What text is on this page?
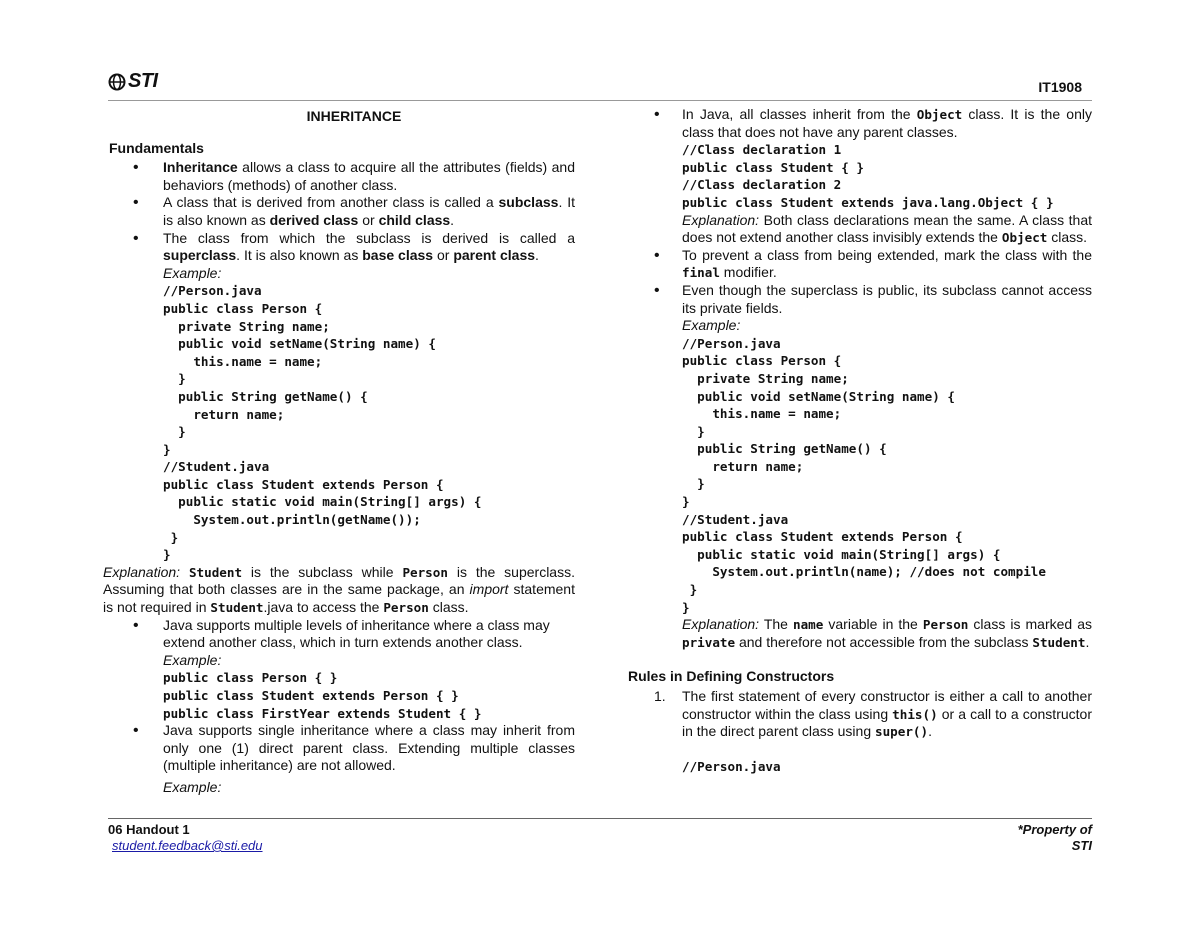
STI	IT1908
INHERITANCE
Fundamentals
• Inheritance allows a class to acquire all the attributes (fields) and behaviors (methods) of another class.
• A class that is derived from another class is called a subclass. It is also known as derived class or child class.
• The class from which the subclass is derived is called a superclass. It is also known as base class or parent class.
Example:
//Person.java
public class Person {
private String name;
public void setName(String name) {
this.name = name;
}
public String getName() {
return name;
}
}
//Student.java
public class Student extends Person {
public static void main(String[] args) {
System.out.println(getName());
}
}
Explanation: Student is the subclass while Person is the superclass. Assuming that both classes are in the same package, an import statement is not required in Student.java to access the Person class.
• Java supports multiple levels of inheritance where a class may extend another class, which in turn extends another class. Example:
public class Person { }
public class Student extends Person { }
public class FirstYear extends Student { }
• Java supports single inheritance where a class may inherit from only one (1) direct parent class. Extending multiple classes (multiple inheritance) are not allowed.
Example:
• In Java, all classes inherit from the Object class. It is the only class that does not have any parent classes.
//Class declaration 1
public class Student { }
//Class declaration 2
public class Student extends java.lang.Object { }
Explanation: Both class declarations mean the same. A class that does not extend another class invisibly extends the Object class.
• To prevent a class from being extended, mark the class with the final modifier.
• Even though the superclass is public, its subclass cannot access its private fields.
Example:
//Person.java
public class Person {
private String name;
public void setName(String name) {
this.name = name;
}
public String getName() {
return name;
}
}
//Student.java
public class Student extends Person {
public static void main(String[] args) {
System.out.println(name); //does not compile
}
}
Explanation: The name variable in the Person class is marked as private and therefore not accessible from the subclass Student.
Rules in Defining Constructors
1. The first statement of every constructor is either a call to another constructor within the class using this() or a call to a constructor in the direct parent class using super().
//Person.java
06 Handout 1
student.feedback@sti.edu
*Property of
STI
